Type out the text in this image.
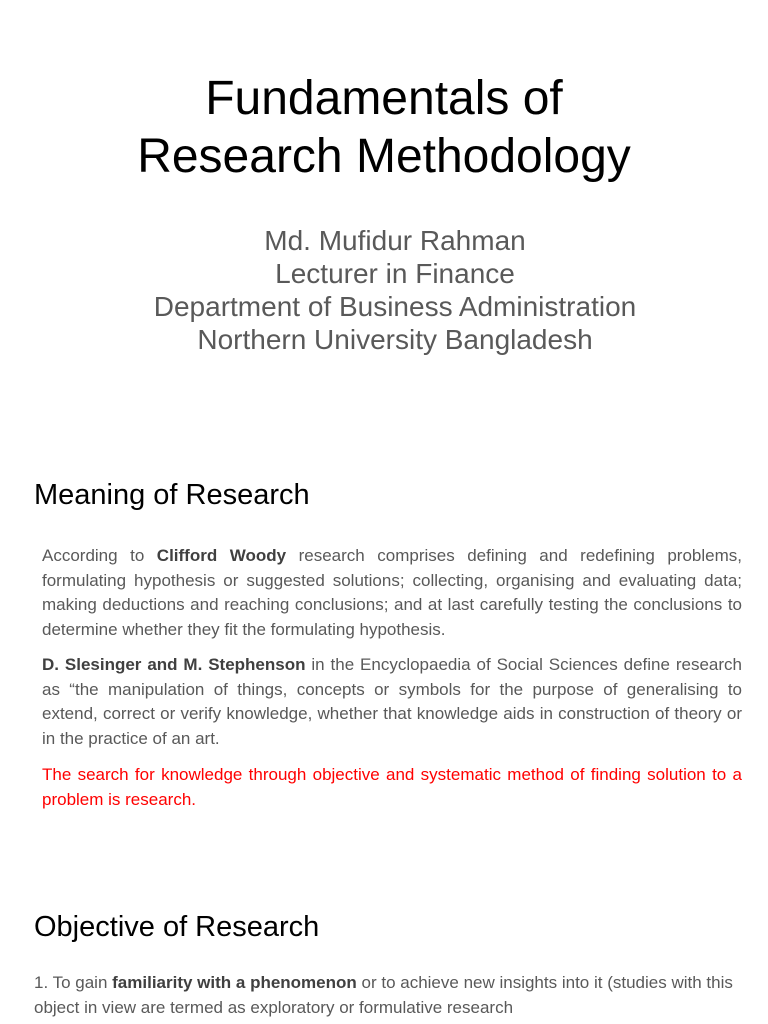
Fundamentals of
Research Methodology
Md. Mufidur Rahman
Lecturer in Finance
Department of Business Administration
Northern University Bangladesh
Meaning of Research

According to Clifford Woody research comprises defining and redefining problems, formulating hypothesis or suggested solutions; collecting, organising and evaluating data; making deductions and reaching conclusions; and at last carefully testing the conclusions to determine whether they fit the formulating hypothesis.

D. Slesinger and M. Stephenson in the Encyclopaedia of Social Sciences define research as “the manipulation of things, concepts or symbols for the purpose of generalising to extend, correct or verify knowledge, whether that knowledge aids in construction of theory or in the practice of an art.

The search for knowledge through objective and systematic method of finding solution to a problem is research.

Objective of Research

1. To gain familiarity with a phenomenon or to achieve new insights into it (studies with this object in view are termed as exploratory or formulative research
